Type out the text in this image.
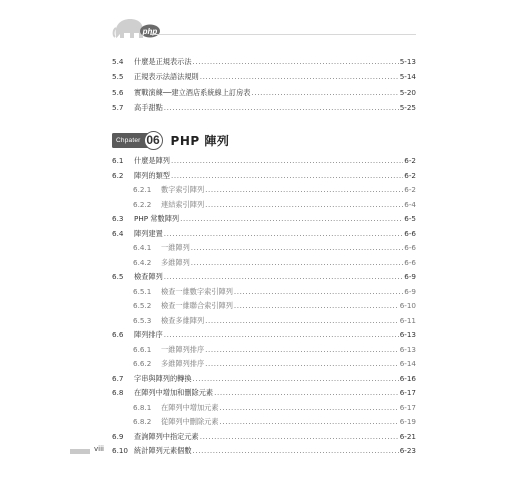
php
5.4	什麼是正規表示法 .....	5-13
5.5	正規表示法語法規則 .....	5-14
5.6	實戰演練──建立酒店系統線上訂房表 .....	5-20
5.7	高手甜點 .....	5-25
Chpater 06 PHP 陣列
6.1	什麼是陣列 .....	6-2
6.2	陣列的類型 .....	6-2
6.2.1	數字索引陣列 .....	6-2
6.2.2	連結索引陣列 .....	6-4
6.3	PHP 常數陣列 .....	6-5
6.4	陣列建置 .....	6-6
6.4.1	一維陣列 .....	6-6
6.4.2	多維陣列 .....	6-6
6.5	檢查陣列 .....	6-9
6.5.1	檢查一維數字索引陣列 .....	6-9
6.5.2	檢查一維聯合索引陣列 .....	6-10
6.5.3	檢查多維陣列 .....	6-11
6.6	陣列排序 .....	6-13
6.6.1	一維陣列排序 .....	6-13
6.6.2	多維陣列排序 .....	6-14
6.7	字串與陣列的轉換 .....	6-16
6.8	在陣列中增加和刪除元素 .....	6-17
6.8.1	在陣列中增加元素 .....	6-17
6.8.2	從陣列中刪除元素 .....	6-19
6.9	查詢陣列中指定元素 .....	6-21
6.10 統計陣列元素個數 .....	6-23
viii
